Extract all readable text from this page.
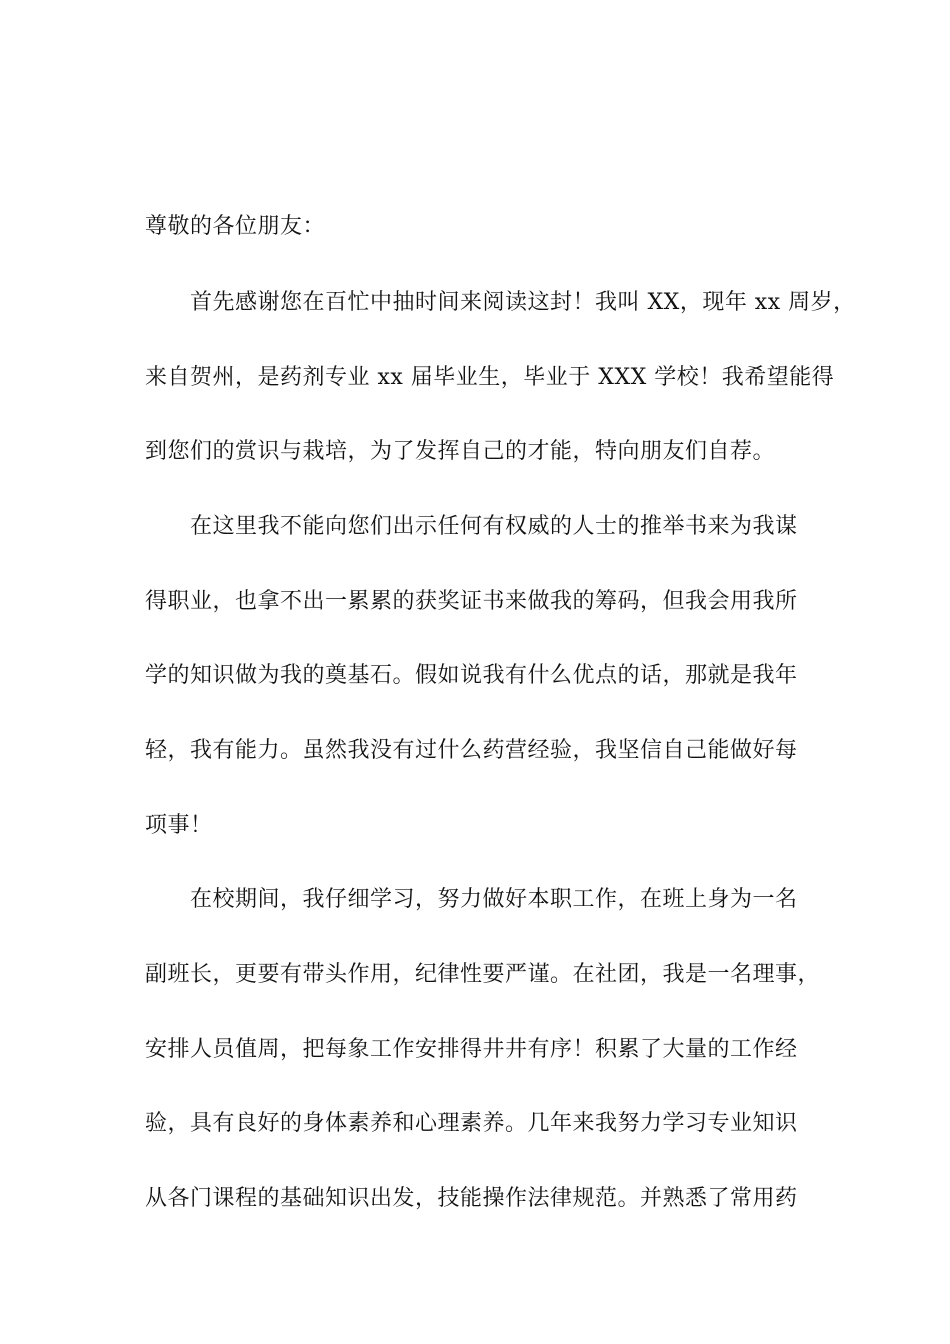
尊敬的各位朋友：
首先感谢您在百忙中抽时间来阅读这封！我叫 XX，现年 xx 周岁，
来自贺州，是药剂专业 xx 届毕业生，毕业于 XXX 学校！我希望能得
到您们的赏识与栽培，为了发挥自己的才能，特向朋友们自荐。
在这里我不能向您们出示任何有权威的人士的推举书来为我谋
得职业，也拿不出一累累的获奖证书来做我的筹码，但我会用我所
学的知识做为我的奠基石。假如说我有什么优点的话，那就是我年
轻，我有能力。虽然我没有过什么药营经验，我坚信自己能做好每
项事！
在校期间，我仔细学习，努力做好本职工作，在班上身为一名
副班长，更要有带头作用，纪律性要严谨。在社团，我是一名理事，
安排人员值周，把每象工作安排得井井有序！积累了大量的工作经
验，具有良好的身体素养和心理素养。几年来我努力学习专业知识
从各门课程的基础知识出发，技能操作法律规范。并熟悉了常用药
